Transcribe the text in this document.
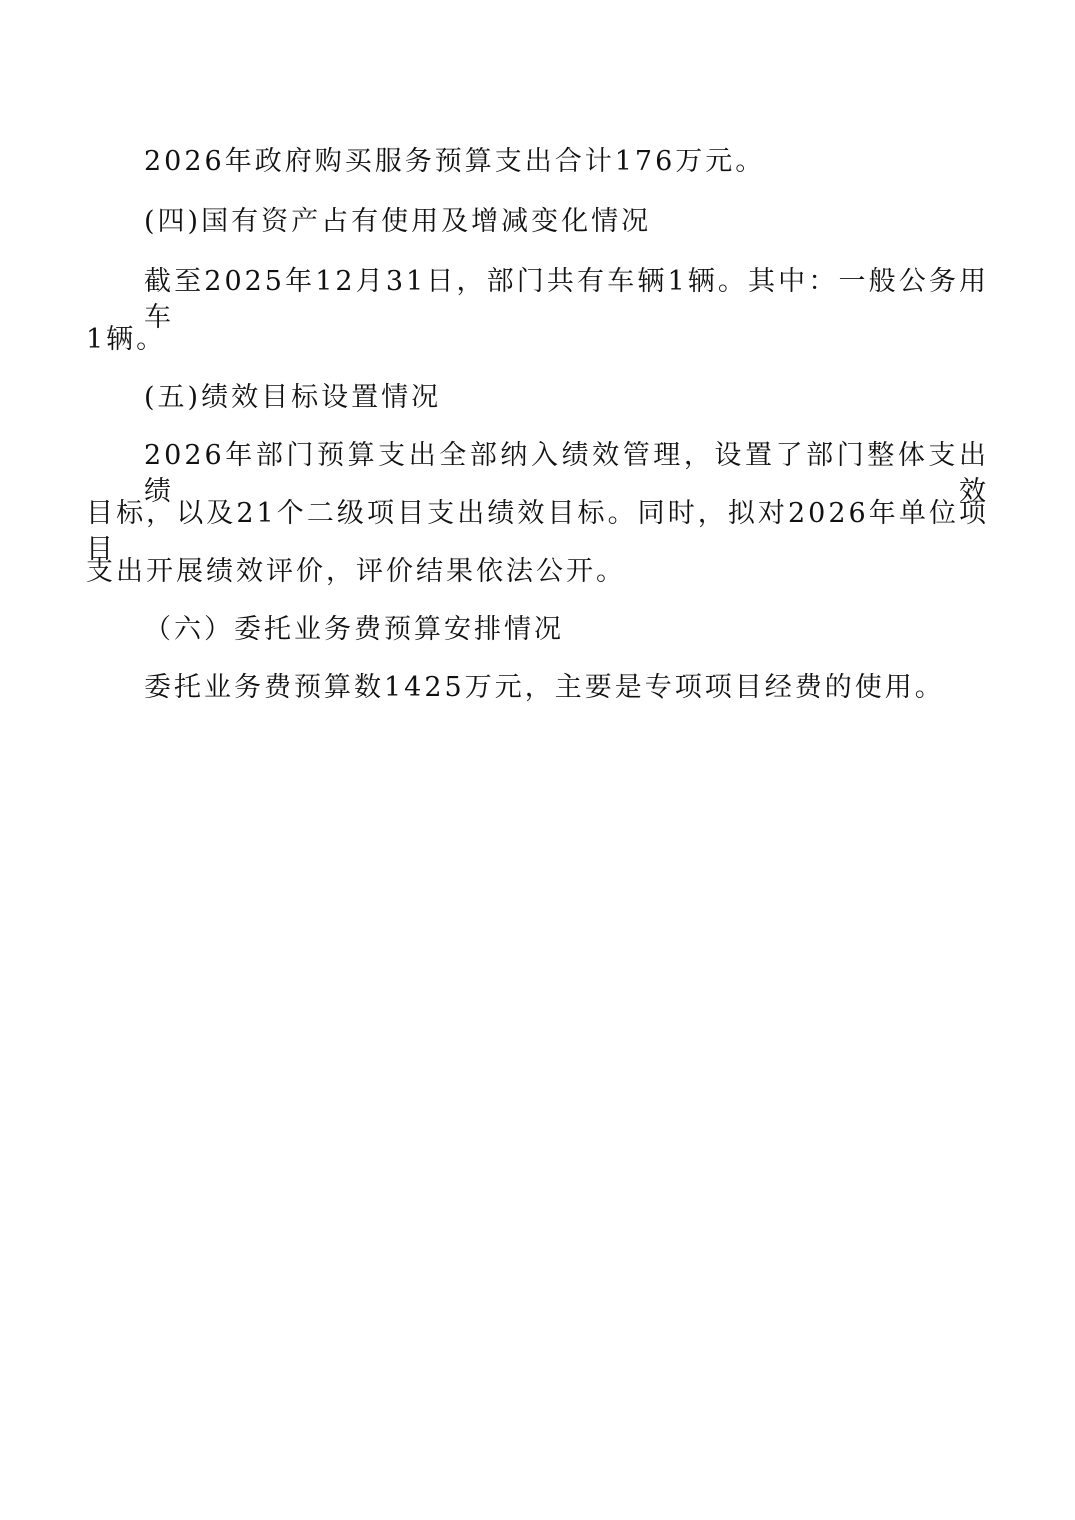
2026年政府购买服务预算支出合计176万元。
(四)国有资产占有使用及增减变化情况
截至2025年12月31日，部门共有车辆1辆。其中：一般公务用车
1辆。
(五)绩效目标设置情况
2026年部门预算支出全部纳入绩效管理，设置了部门整体支出绩效
目标，以及21个二级项目支出绩效目标。同时，拟对2026年单位项目
支出开展绩效评价，评价结果依法公开。
（六）委托业务费预算安排情况
委托业务费预算数1425万元，主要是专项项目经费的使用。
